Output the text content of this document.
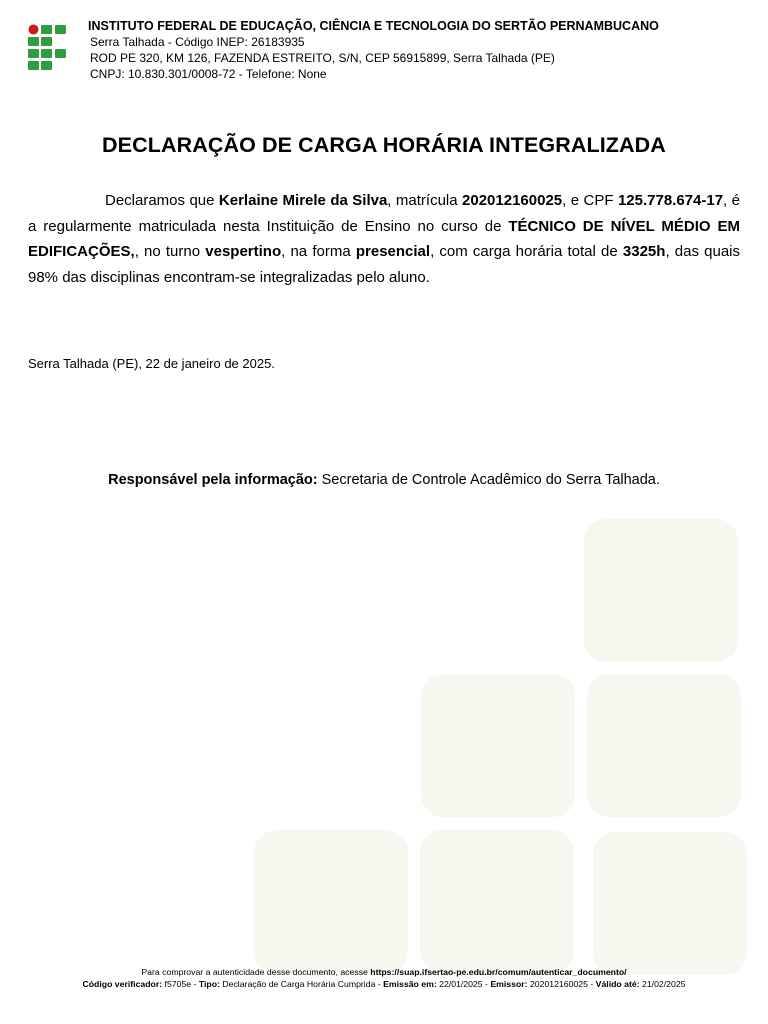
INSTITUTO FEDERAL DE EDUCAÇÃO, CIÊNCIA E TECNOLOGIA DO SERTÃO PERNAMBUCANO
Serra Talhada - Código INEP: 26183935
ROD PE 320, KM 126, FAZENDA ESTREITO, S/N, CEP 56915899, Serra Talhada (PE)
CNPJ: 10.830.301/0008-72 - Telefone: None
DECLARAÇÃO DE CARGA HORÁRIA INTEGRALIZADA
Declaramos que Kerlaine Mirele da Silva, matrícula 202012160025, e CPF 125.778.674-17, é a regularmente matriculada nesta Instituição de Ensino no curso de TÉCNICO DE NÍVEL MÉDIO EM EDIFICAÇÕES,, no turno vespertino, na forma presencial, com carga horária total de 3325h, das quais 98% das disciplinas encontram-se integralizadas pelo aluno.
Serra Talhada (PE), 22 de janeiro de 2025.
Responsável pela informação: Secretaria de Controle Acadêmico do Serra Talhada.
Para comprovar a autenticidade desse documento, acesse https://suap.ifsertao-pe.edu.br/comum/autenticar_documento/
Código verificador: f5705e - Tipo: Declaração de Carga Horária Cumprida - Emissão em: 22/01/2025 - Emissor: 202012160025 - Válido até: 21/02/2025
